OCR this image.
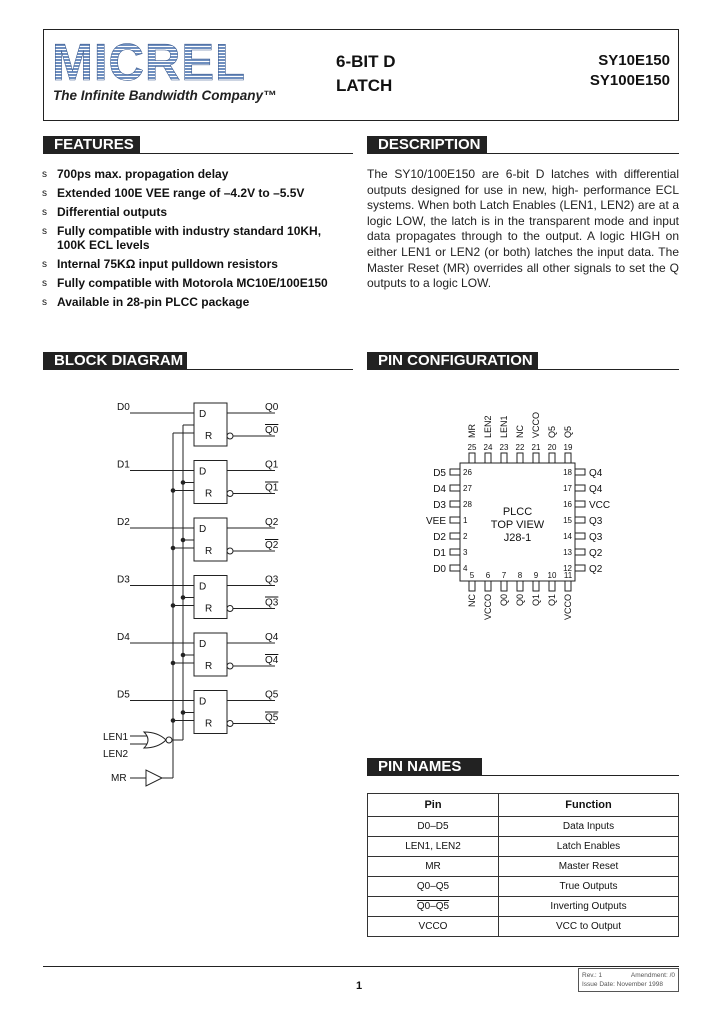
MICREL
The Infinite Bandwidth Company™
6-BIT D
LATCH
SY10E150
SY100E150
FEATURES
s 700ps max. propagation delay
s Extended 100E VEE range of –4.2V to –5.5V
s Differential outputs
s Fully compatible with industry standard 10KH, 100K ECL levels
s Internal 75KΩ input pulldown resistors
s Fully compatible with Motorola MC10E/100E150
s Available in 28-pin PLCC package
DESCRIPTION
The SY10/100E150 are 6-bit D latches with differential outputs designed for use in new, high- performance ECL systems. When both Latch Enables (LEN1, LEN2) are at a logic LOW, the latch is in the transparent mode and input data propagates through to the output. A logic HIGH on either LEN1 or LEN2 (or both) latches the input data. The Master Reset (MR) overrides all other signals to set the Q outputs to a logic LOW.
BLOCK DIAGRAM
D
R
D0	Q0
Q0
D
R
D1	Q1
Q1
D
R
D2	Q2
Q2
D
R
D3	Q3
Q3
D
R
D4	Q4
Q4
D
R
D5	Q5
Q5
LEN1
LEN2
MR
PIN CONFIGURATION
PLCC
TOP VIEW
J28-1
25
MR
24
LEN2
23
LEN1
22
NC
21
VCCO
20
Q5
19
Q5
5
NC
6
VCCO
7
Q0
8
Q0
9
Q1
10
Q1
11
VCCO
26
D5
27
D4
28
D3
1
VEE
2
D2
3
D1
4
D0
18 Q4
17 Q4
16 VCC
15 Q3
14 Q3
13 Q2
12 Q2
PIN NAMES
Pin	Function
D0–D5	Data Inputs
LEN1, LEN2	Latch Enables
MR	Master Reset
Q0–Q5	True Outputs
Q0–Q5	Inverting Outputs
VCCO	VCC to Output
1
Rev.: 1	Amendment: /0

Issue Date: November 1998
